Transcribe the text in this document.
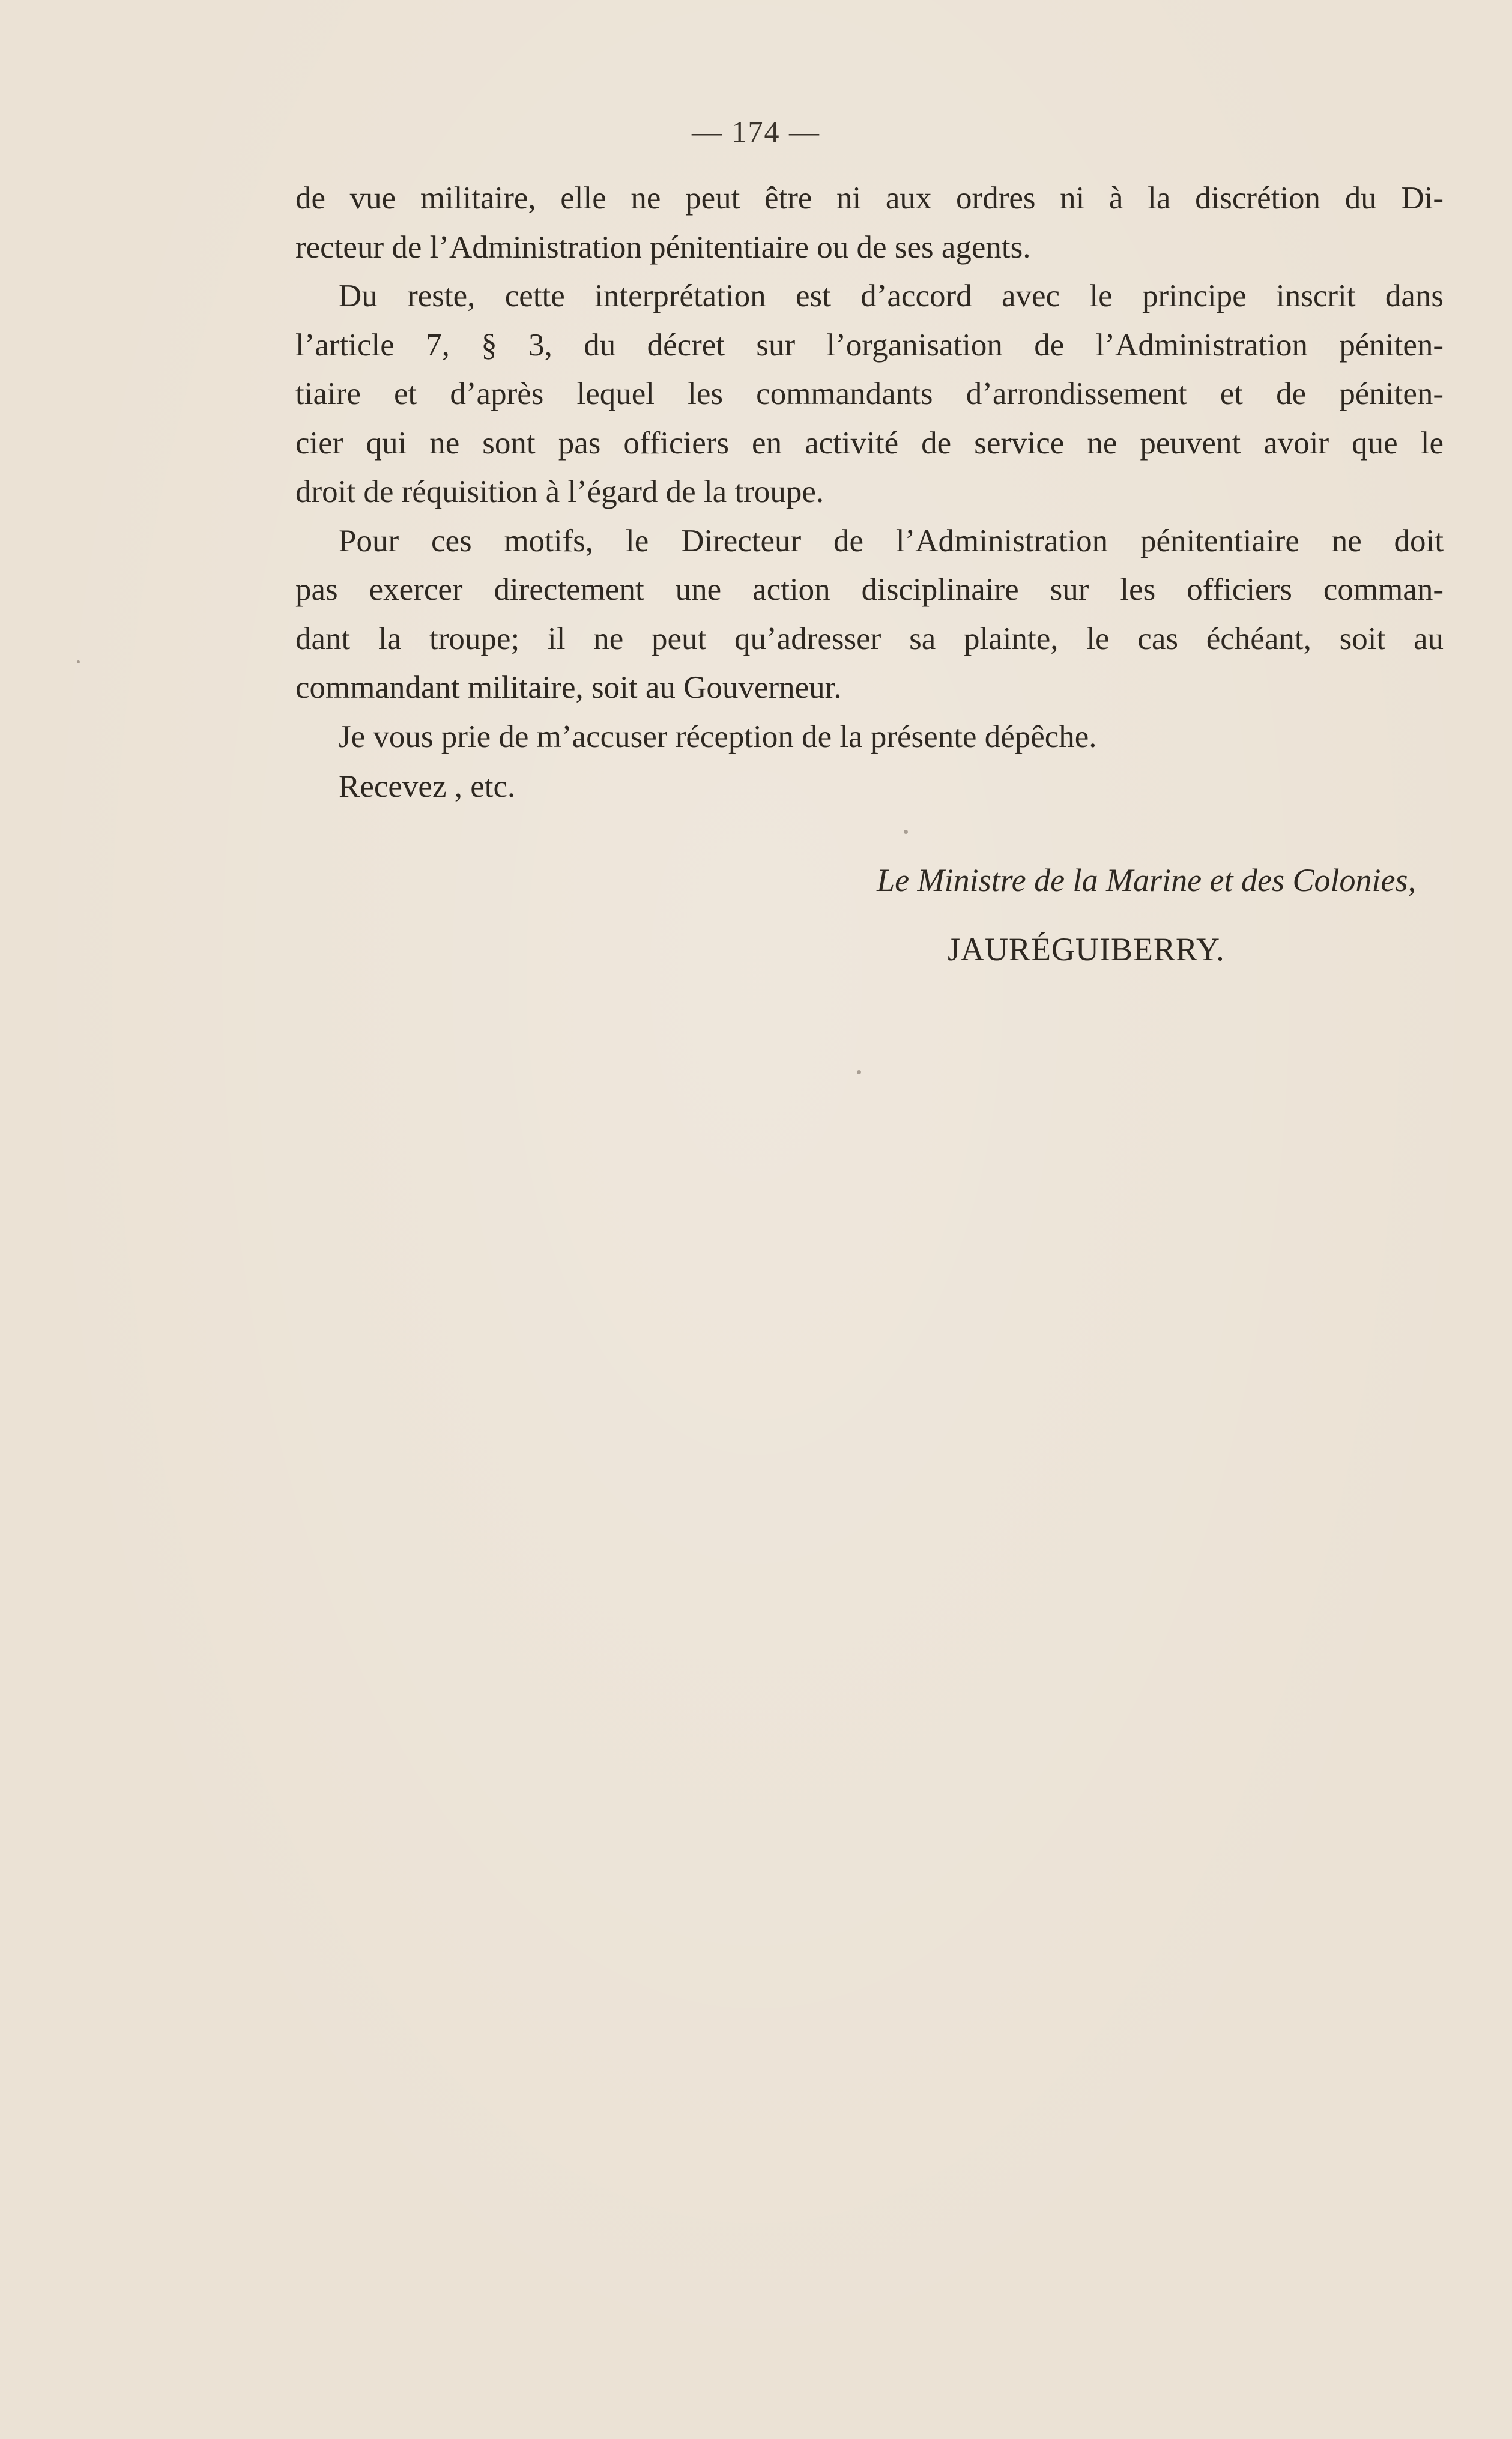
— 174 —
de vue militaire, elle ne peut être ni aux ordres ni à la discrétion du Di-
recteur de l’Administration pénitentiaire ou de ses agents.
Du reste, cette interprétation est d’accord avec le principe inscrit dans
l’article 7, § 3, du décret sur l’organisation de l’Administration péniten-
tiaire et d’après lequel les commandants d’arrondissement et de péniten-
cier qui ne sont pas officiers en activité de service ne peuvent avoir que le
droit de réquisition à l’égard de la troupe.
Pour ces motifs, le Directeur de l’Administration pénitentiaire ne doit
pas exercer directement une action disciplinaire sur les officiers comman-
dant la troupe; il ne peut qu’adresser sa plainte, le cas échéant, soit au
commandant militaire, soit au Gouverneur.
Je vous prie de m’accuser réception de la présente dépêche.
Recevez , etc.
Le Ministre de la Marine et des Colonies,
JAURÉGUIBERRY.
